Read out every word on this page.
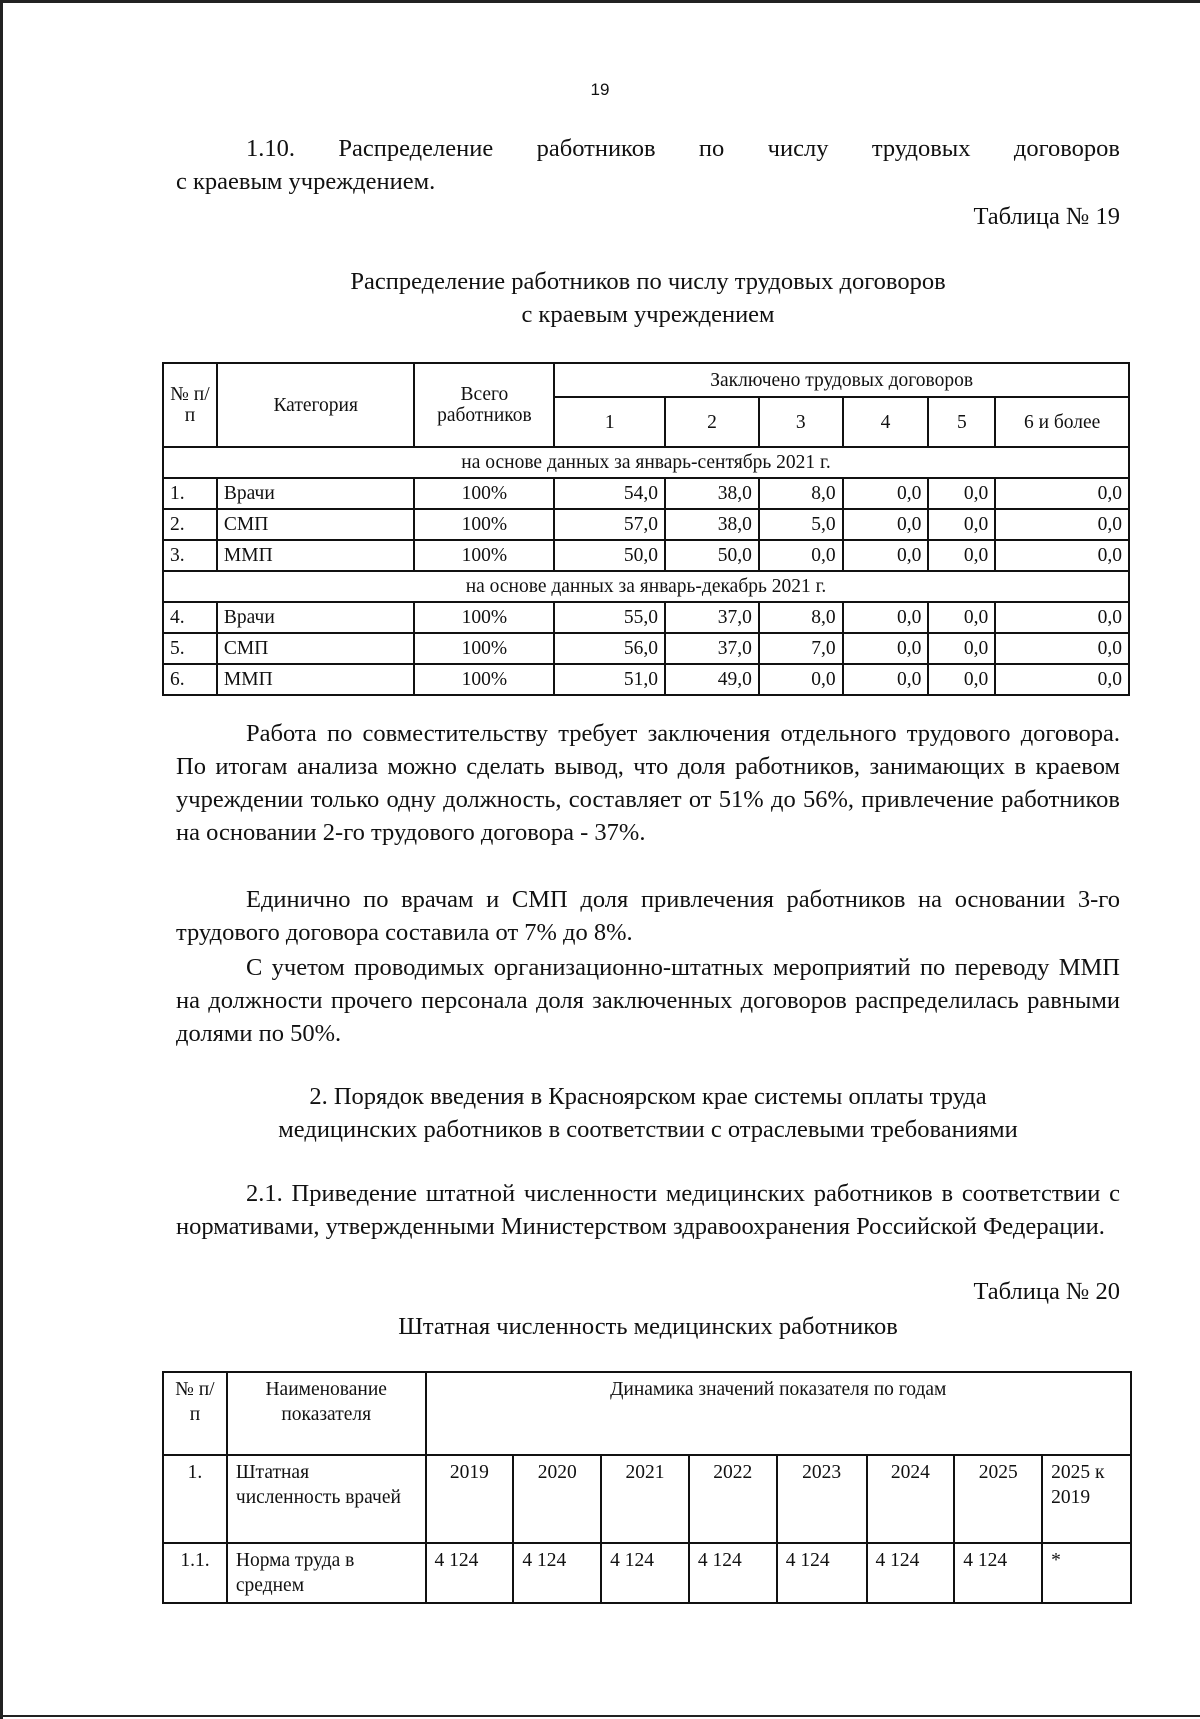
19
1.10. Распределение работников по числу трудовых договоров
с краевым учреждением.
Таблица № 19
Распределение работников по числу трудовых договоров
с краевым учреждением
№ п/п	Категория	Всего работников	Заключено трудовых договоров					
			1	2	3	4	5	6 и более
на основе данных за январь-сентябрь 2021 г.								
1.	Врачи	100%	54,0	38,0	8,0	0,0	0,0	0,0
2.	СМП	100%	57,0	38,0	5,0	0,0	0,0	0,0
3.	ММП	100%	50,0	50,0	0,0	0,0	0,0	0,0
на основе данных за январь-декабрь 2021 г.								
4.	Врачи	100%	55,0	37,0	8,0	0,0	0,0	0,0
5.	СМП	100%	56,0	37,0	7,0	0,0	0,0	0,0
6.	ММП	100%	51,0	49,0	0,0	0,0	0,0	0,0
Работа по совместительству требует заключения отдельного трудового договора. По итогам анализа можно сделать вывод, что доля работников, занимающих в краевом учреждении только одну должность, составляет от 51% до 56%, привлечение работников на основании 2-го трудового договора - 37%.
Единично по врачам и СМП доля привлечения работников на основании 3-го трудового договора составила от 7% до 8%.
С учетом проводимых организационно-штатных мероприятий по переводу ММП на должности прочего персонала доля заключенных договоров распределилась равными долями по 50%.
2. Порядок введения в Красноярском крае системы оплаты труда
медицинских работников в соответствии с отраслевыми требованиями
2.1. Приведение штатной численности медицинских работников в соответствии с нормативами, утвержденными Министерством здравоохранения Российской Федерации.
Таблица № 20
Штатная численность медицинских работников
№ п/п	Наименование показателя	Динамика значений показателя по годам							
1.	Штатная численность врачей	2019	2020	2021	2022	2023	2024	2025	2025 к 2019
1.1.	Норма труда в среднем	4 124	4 124	4 124	4 124	4 124	4 124	4 124	*
